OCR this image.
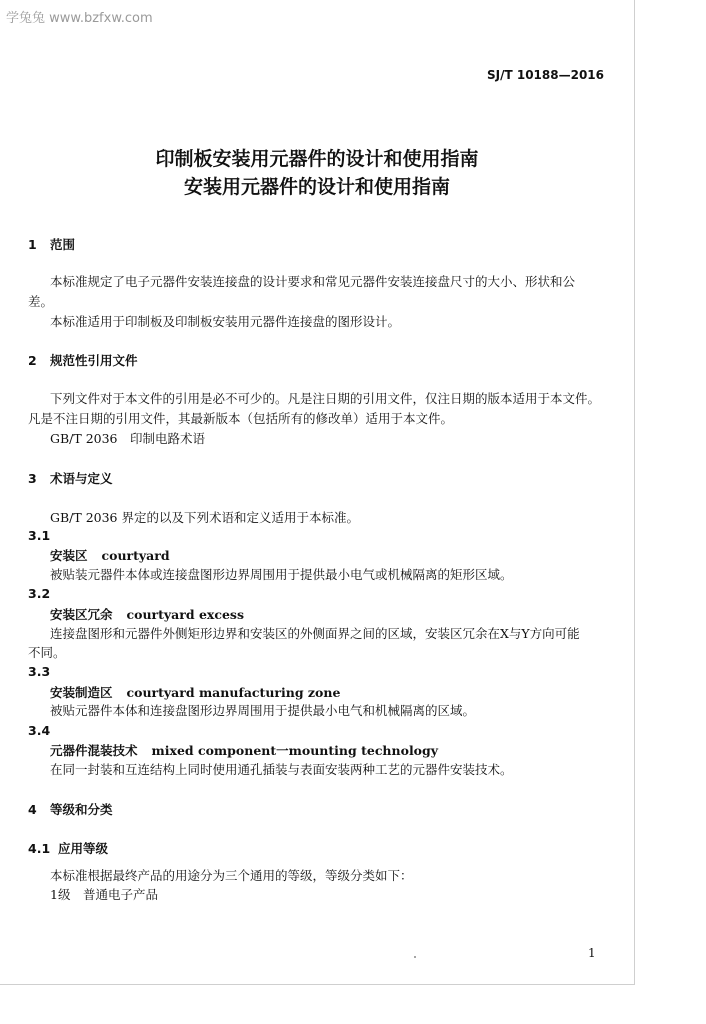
学兔兔 www.bzfxw.com
SJ/T 10188—2016
印制板安装用元器件的设计和使用指南
安装用元器件的设计和使用指南
1 范围
本标准规定了电子元器件安装连接盘的设计要求和常见元器件安装连接盘尺寸的大小、形状和公
差。
本标准适用于印制板及印制板安装用元器件连接盘的图形设计。
2 规范性引用文件
下列文件对于本文件的引用是必不可少的。凡是注日期的引用文件，仅注日期的版本适用于本文件。
凡是不注日期的引用文件，其最新版本（包括所有的修改单）适用于本文件。
GB/T 2036　印制电路术语
3 术语与定义
GB/T 2036 界定的以及下列术语和定义适用于本标准。
3.1
安装区 courtyard
被贴装元器件本体或连接盘图形边界周围用于提供最小电气或机械隔离的矩形区域。
3.2
安装区冗余 courtyard excess
连接盘图形和元器件外侧矩形边界和安装区的外侧面界之间的区域，安装区冗余在X与Y方向可能
不同。
3.3
安装制造区 courtyard manufacturing zone
被贴元器件本体和连接盘图形边界周围用于提供最小电气和机械隔离的区域。
3.4
元器件混装技术 mixed component一mounting technology
在同一封装和互连结构上同时使用通孔插装与表面安装两种工艺的元器件安装技术。
4 等级和分类
4.1 应用等级
本标准根据最终产品的用途分为三个通用的等级，等级分类如下：
1级　普通电子产品
1
